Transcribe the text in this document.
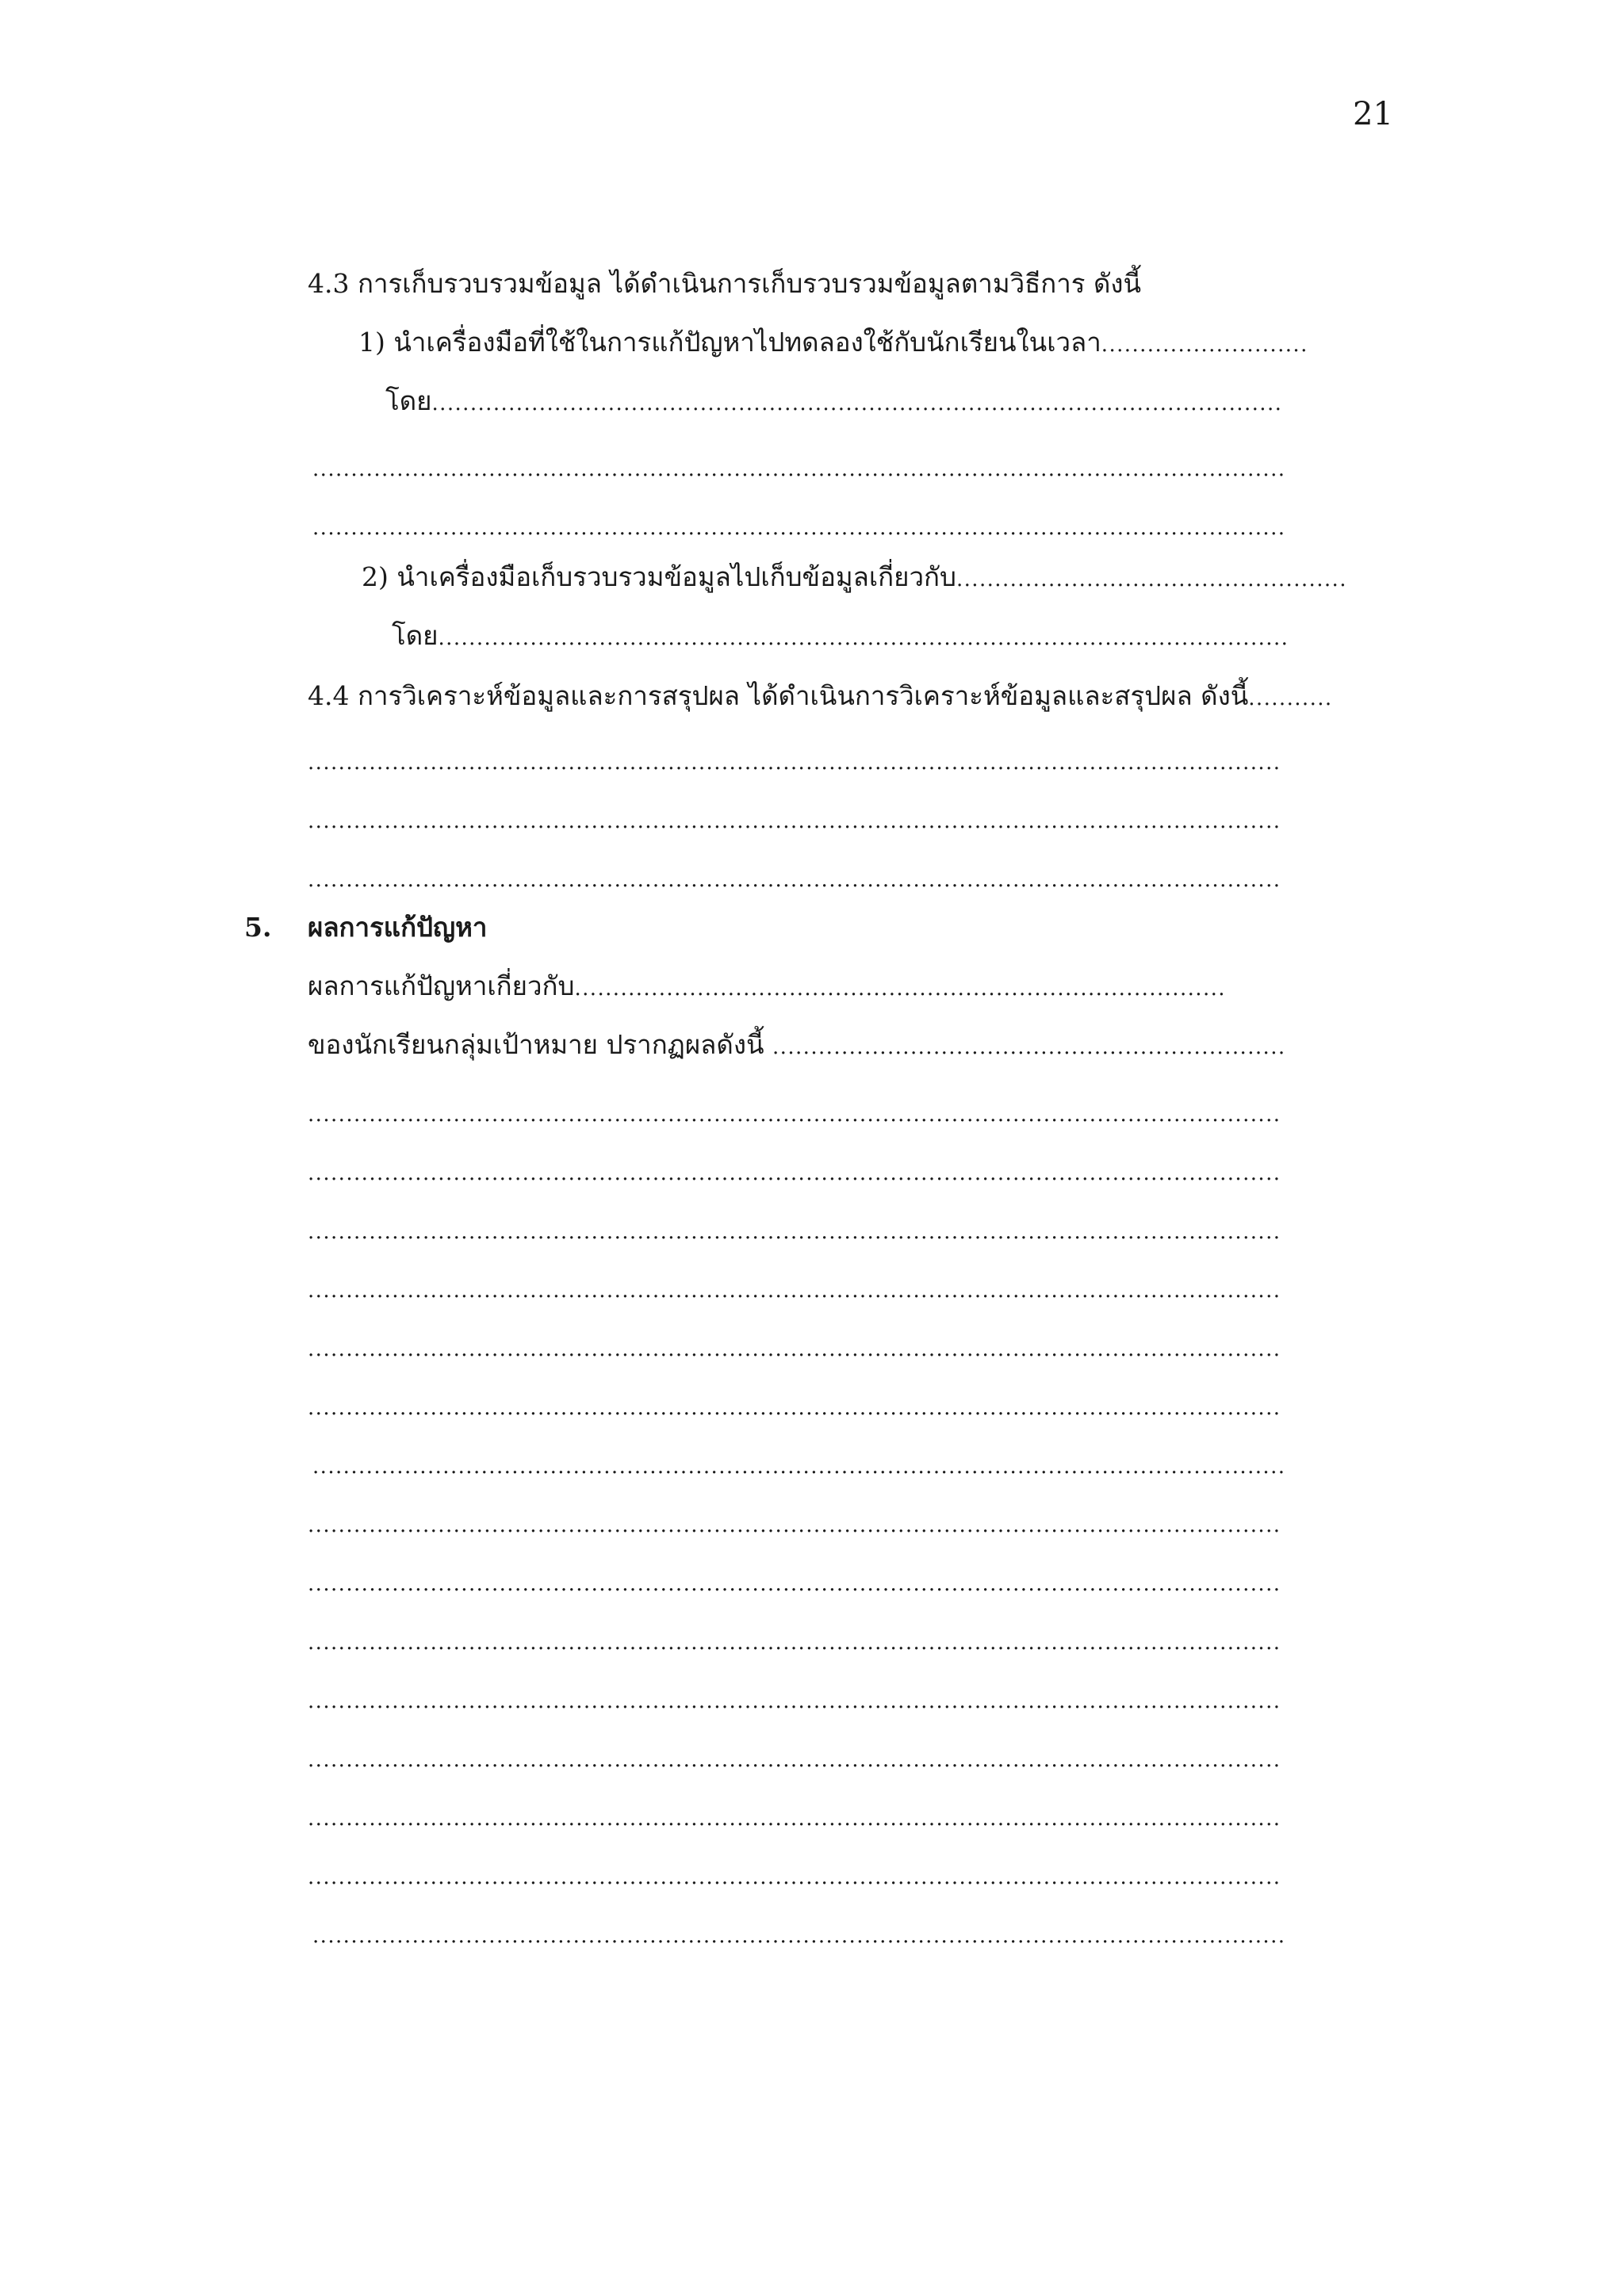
21
4.3 การเก็บรวบรวมข้อมูล ได้ดำเนินการเก็บรวบรวมข้อมูลตามวิธีการ ดังนี้
1) นำเครื่องมือที่ใช้ในการแก้ปัญหาไปทดลองใช้กับนักเรียนในเวลา...........................
โดย...............................................................................................................
...............................................................................................................................
...............................................................................................................................
2) นำเครื่องมือเก็บรวบรวมข้อมูลไปเก็บข้อมูลเกี่ยวกับ...................................................
โดย...............................................................................................................
4.4 การวิเคราะห์ข้อมูลและการสรุปผล ได้ดำเนินการวิเคราะห์ข้อมูลและสรุปผล ดังนี้...........
...............................................................................................................................
...............................................................................................................................
...............................................................................................................................
5. ผลการแก้ปัญหา
ผลการแก้ปัญหาเกี่ยวกับ.....................................................................................
ของนักเรียนกลุ่มเป้าหมาย ปรากฏผลดังนี้ ...................................................................
...............................................................................................................................
...............................................................................................................................
...............................................................................................................................
...............................................................................................................................
...............................................................................................................................
...............................................................................................................................
...............................................................................................................................
...............................................................................................................................
...............................................................................................................................
...............................................................................................................................
...............................................................................................................................
...............................................................................................................................
...............................................................................................................................
...............................................................................................................................
...............................................................................................................................
